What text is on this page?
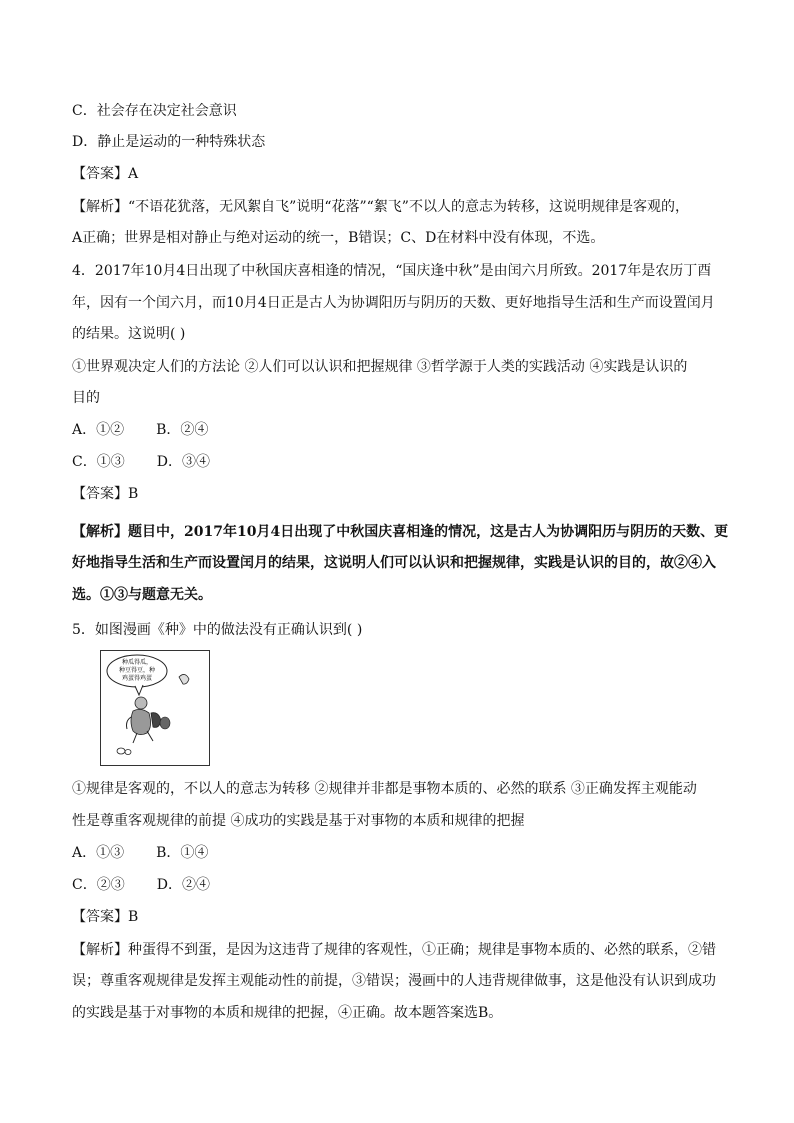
C．社会存在决定社会意识
D．静止是运动的一种特殊状态
【答案】A
【解析】“不语花犹落，无风絮自飞”说明“花落”“絮飞”不以人的意志为转移，这说明规律是客观的，
A正确；世界是相对静止与绝对运动的统一，B错误；C、D在材料中没有体现，不选。
4．2017年10月4日出现了中秋国庆喜相逢的情况，“国庆逢中秋”是由闰六月所致。2017年是农历丁酉
年，因有一个闰六月，而10月4日正是古人为协调阳历与阴历的天数、更好地指导生活和生产而设置闰月
的结果。这说明( )
①世界观决定人们的方法论 ②人们可以认识和把握规律 ③哲学源于人类的实践活动 ④实践是认识的
目的
A．①② B．②④
C．①③ D．③④
【答案】B
【解析】题目中，2017年10月4日出现了中秋国庆喜相逢的情况，这是古人为协调阳历与阴历的天数、更
好地指导生活和生产而设置闰月的结果，这说明人们可以认识和把握规律，实践是认识的目的，故②④入
选。①③与题意无关。
5．如图漫画《种》中的做法没有正确认识到( )
种瓜得瓜，
种豆得豆，种
鸡蛋得鸡蛋
①规律是客观的，不以人的意志为转移 ②规律并非都是事物本质的、必然的联系 ③正确发挥主观能动
性是尊重客观规律的前提 ④成功的实践是基于对事物的本质和规律的把握
A．①③ B．①④
C．②③ D．②④
【答案】B
【解析】种蛋得不到蛋，是因为这违背了规律的客观性，①正确；规律是事物本质的、必然的联系，②错
误；尊重客观规律是发挥主观能动性的前提，③错误；漫画中的人违背规律做事，这是他没有认识到成功
的实践是基于对事物的本质和规律的把握，④正确。故本题答案选B。
